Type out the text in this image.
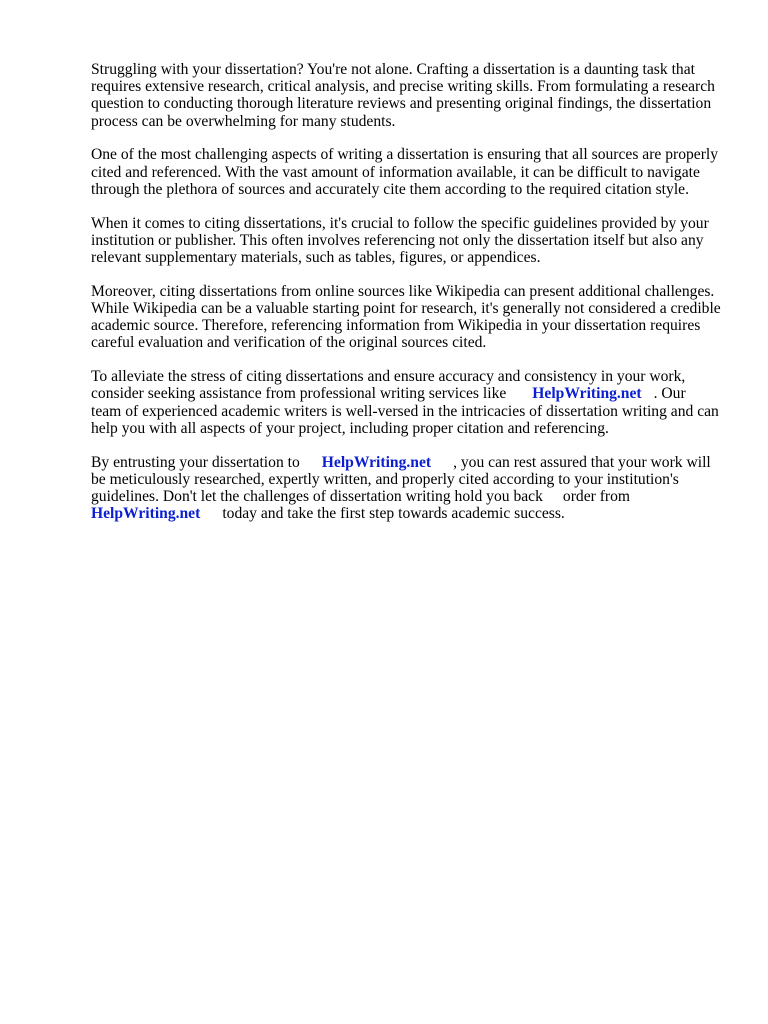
Struggling with your dissertation? You're not alone. Crafting a dissertation is a daunting task that
requires extensive research, critical analysis, and precise writing skills. From formulating a research
question to conducting thorough literature reviews and presenting original findings, the dissertation
process can be overwhelming for many students.

One of the most challenging aspects of writing a dissertation is ensuring that all sources are properly
cited and referenced. With the vast amount of information available, it can be difficult to navigate
through the plethora of sources and accurately cite them according to the required citation style.

When it comes to citing dissertations, it's crucial to follow the specific guidelines provided by your
institution or publisher. This often involves referencing not only the dissertation itself but also any
relevant supplementary materials, such as tables, figures, or appendices.

Moreover, citing dissertations from online sources like Wikipedia can present additional challenges.
While Wikipedia can be a valuable starting point for research, it's generally not considered a credible
academic source. Therefore, referencing information from Wikipedia in your dissertation requires
careful evaluation and verification of the original sources cited.

To alleviate the stress of citing dissertations and ensure accuracy and consistency in your work,
consider seeking assistance from professional writing services like HelpWriting.net . Our
team of experienced academic writers is well-versed in the intricacies of dissertation writing and can
help you with all aspects of your project, including proper citation and referencing.

By entrusting your dissertation to HelpWriting.net , you can rest assured that your work will
be meticulously researched, expertly written, and properly cited according to your institution's
guidelines. Don't let the challenges of dissertation writing hold you back order from
HelpWriting.net today and take the first step towards academic success.
